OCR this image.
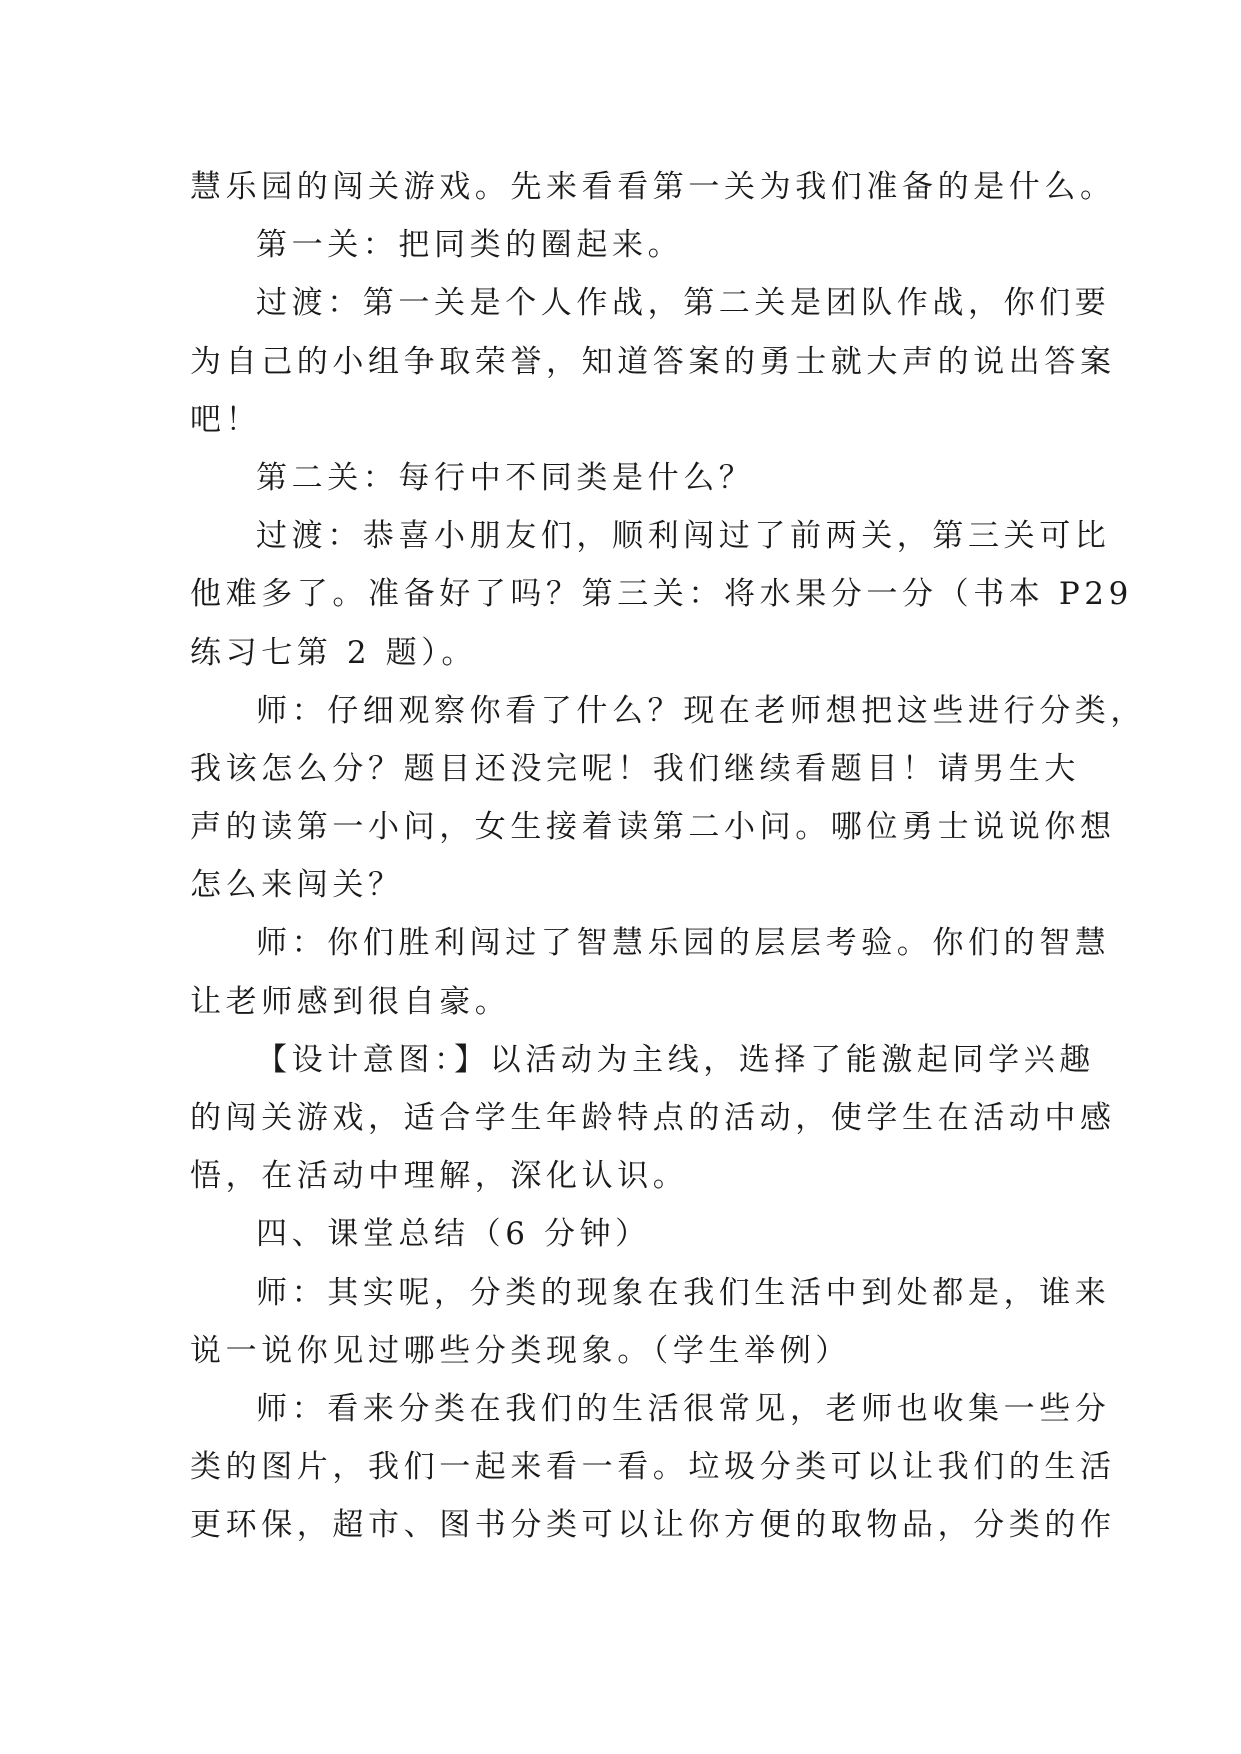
慧乐园的闯关游戏。先来看看第一关为我们准备的是什么。
第一关：把同类的圈起来。
过渡：第一关是个人作战，第二关是团队作战，你们要
为自己的小组争取荣誉，知道答案的勇士就大声的说出答案
吧！
第二关：每行中不同类是什么？
过渡：恭喜小朋友们，顺利闯过了前两关，第三关可比
他难多了。准备好了吗？第三关：将水果分一分（书本 P29
练习七第 2 题）。
师：仔细观察你看了什么？现在老师想把这些进行分类，
我该怎么分？题目还没完呢！我们继续看题目！请男生大
声的读第一小问，女生接着读第二小问。哪位勇士说说你想
怎么来闯关？
师：你们胜利闯过了智慧乐园的层层考验。你们的智慧
让老师感到很自豪。
【设计意图：】以活动为主线，选择了能激起同学兴趣
的闯关游戏，适合学生年龄特点的活动，使学生在活动中感
悟，在活动中理解，深化认识。
四、课堂总结（6 分钟）
师：其实呢，分类的现象在我们生活中到处都是，谁来
说一说你见过哪些分类现象。（学生举例）
师：看来分类在我们的生活很常见，老师也收集一些分
类的图片，我们一起来看一看。垃圾分类可以让我们的生活
更环保，超市、图书分类可以让你方便的取物品，分类的作
